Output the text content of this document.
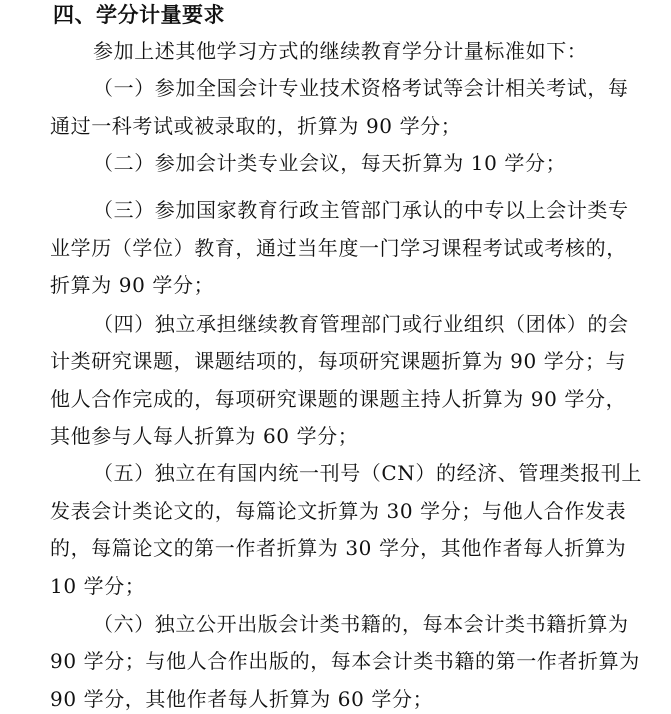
四、学分计量要求
参加上述其他学习方式的继续教育学分计量标准如下：
（一）参加全国会计专业技术资格考试等会计相关考试，每
通过一科考试或被录取的，折算为 90 学分；
（二）参加会计类专业会议，每天折算为 10 学分；
（三）参加国家教育行政主管部门承认的中专以上会计类专
业学历（学位）教育，通过当年度一门学习课程考试或考核的，
折算为 90 学分；
（四）独立承担继续教育管理部门或行业组织（团体）的会
计类研究课题，课题结项的，每项研究课题折算为 90 学分；与
他人合作完成的，每项研究课题的课题主持人折算为 90 学分，
其他参与人每人折算为 60 学分；
（五）独立在有国内统一刊号（CN）的经济、管理类报刊上
发表会计类论文的，每篇论文折算为 30 学分；与他人合作发表
的，每篇论文的第一作者折算为 30 学分，其他作者每人折算为
10 学分；
（六）独立公开出版会计类书籍的，每本会计类书籍折算为
90 学分；与他人合作出版的，每本会计类书籍的第一作者折算为
90 学分，其他作者每人折算为 60 学分；
